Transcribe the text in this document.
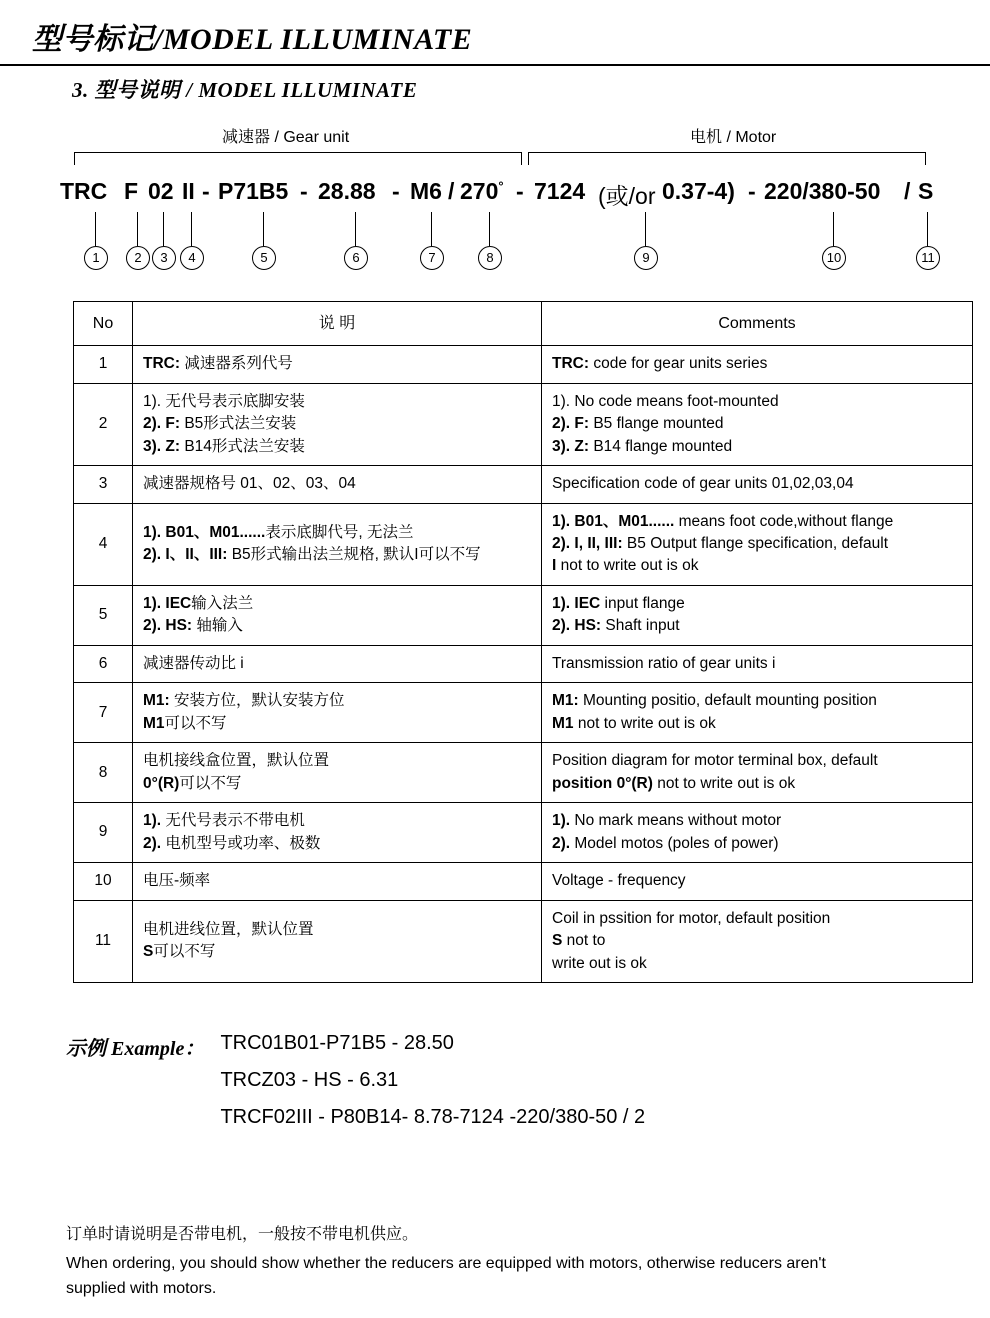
型号标记/MODEL ILLUMINATE
3. 型号说明 / MODEL ILLUMINATE
减速器 / Gear unit	电机 / Motor
TRC F 02 II - P71B5 - 28.88 - M6 / 270° - 7124 (或/or 0.37-4) - 220/380-50 / S
1	2	3	4	5	6	7	8	9	10	11
No	说 明	Comments
1	TRC: 减速器系列代号	TRC: code for gear units series

2	1). 无代号表示底脚安装
2). F: B5形式法兰安装
3). Z: B14形式法兰安装	1). No code means foot-mounted
2). F: B5 flange mounted
3). Z: B14 flange mounted

3	减速器规格号 01、02、03、04	Specification code of gear units 01,02,03,04

4	1). B01、M01......表示底脚代号, 无法兰
2). I、II、III: B5形式输出法兰规格, 默认I可以不写	1). B01、M01...... means foot code,without flange
2). I, II, III: B5 Output flange specification, default
I not to write out is ok

5	1). IEC输入法兰
2). HS: 轴输入	1). IEC input flange
2). HS: Shaft input

6	减速器传动比 i	Transmission ratio of gear units i

7	M1: 安装方位，默认安装方位
M1可以不写	M1: Mounting positio, default mounting position
M1 not to write out is ok

8	电机接线盒位置，默认位置
0°(R)可以不写	Position diagram for motor terminal box, default
position 0°(R) not to write out is ok

9	1). 无代号表示不带电机
2). 电机型号或功率、极数	1). No mark means without motor
2). Model motos (poles of power)

10	电压-频率	Voltage - frequency

11	电机进线位置，默认位置
S可以不写	Coil in pssition for motor, default position
S not to
write out is ok
示例 Example： TRC01B01-P71B5 - 28.50
TRCZ03 - HS - 6.31
TRCF02III - P80B14- 8.78-7124 -220/380-50 / 2
订单时请说明是否带电机，一般按不带电机供应。
When ordering, you should show whether the reducers are equipped with motors, otherwise reducers aren't
supplied with motors.
